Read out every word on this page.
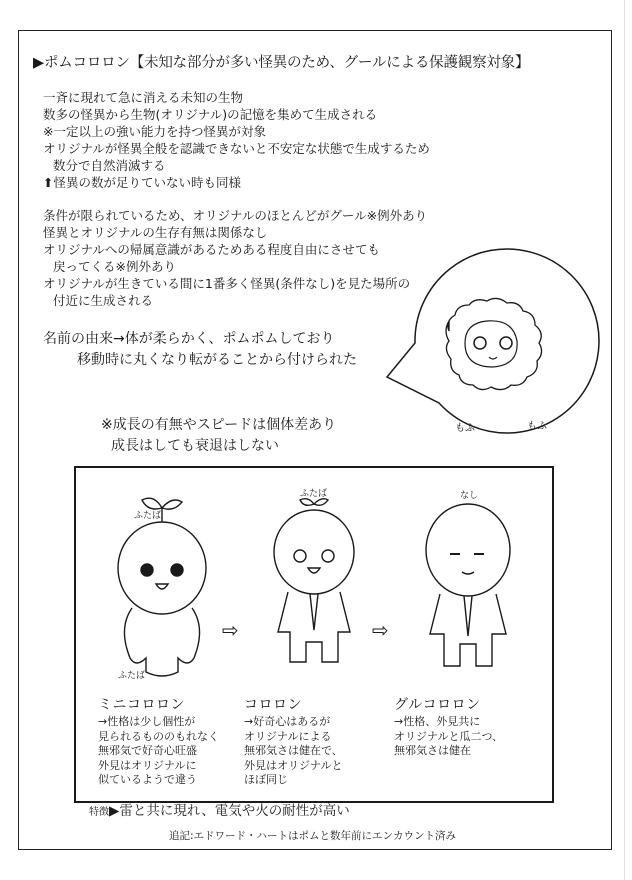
▶ポムコロロン【未知な部分が多い怪異のため、グールによる保護観察対象】
一斉に現れて急に消える未知の生物
数多の怪異から生物(オリジナル)の記憶を集めて生成される
※一定以上の強い能力を持つ怪異が対象
オリジナルが怪異全般を認識できないと不安定な状態で生成するため
数分で自然消滅する
⬆怪異の数が足りていない時も同様
条件が限られているため、オリジナルのほとんどがグール※例外あり
怪異とオリジナルの生存有無は関係なし
オリジナルへの帰属意識があるためある程度自由にさせても
戻ってくる※例外あり
オリジナルが生きている間に1番多く怪異(条件なし)を見た場所の
付近に生成される
名前の由来→体が柔らかく、ポムポムしており
移動時に丸くなり転がることから付けられた
もふ	もふ
※成長の有無やスピードは個体差あり
成長はしても衰退はしない
ふたば
ふたば
ふたば	なし
⇨	⇨
ミニコロロン
→性格は少し個性が
見られるもののもれなく
無邪気で好奇心旺盛
外見はオリジナルに
似ているようで違う
コロロン
→好奇心はあるが
オリジナルによる
無邪気さは健在で、
外見はオリジナルと
ほぼ同じ
グルコロロン
→性格、外見共に
オリジナルと瓜二つ、
無邪気さは健在
特徴▶雷と共に現れ、電気や火の耐性が高い
追記:エドワード・ハートはポムと数年前にエンカウント済み
